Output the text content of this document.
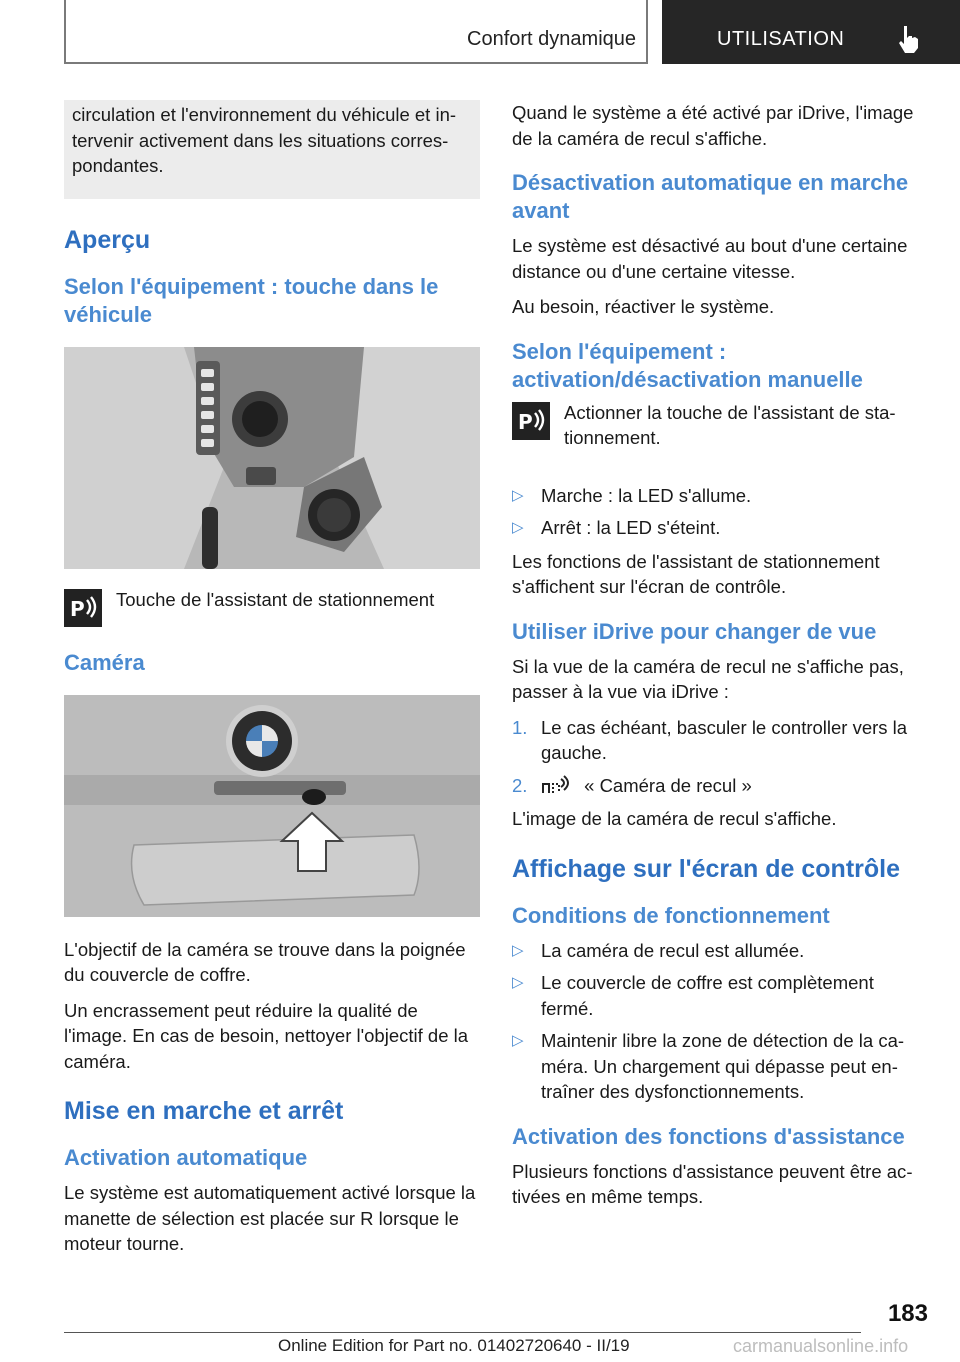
Confort dynamique	UTILISATION

circulation et l'environnement du véhicule et intervenir activement dans les situations correspondantes.

Aperçu
Selon l'équipement : touche dans le véhicule
P Touche de l'assistant de stationnement

Caméra

L'objectif de la caméra se trouve dans la poignée du couvercle de coffre.

Un encrassement peut réduire la qualité de l'image. En cas de besoin, nettoyer l'objectif de la caméra.

Mise en marche et arrêt
Activation automatique

Le système est automatiquement activé lorsque la manette de sélection est placée sur R lorsque le moteur tourne.

Quand le système a été activé par iDrive, l'image de la caméra de recul s'affiche.

Désactivation automatique en marche avant

Le système est désactivé au bout d'une certaine distance ou d'une certaine vitesse.

Au besoin, réactiver le système.

Selon l'équipement : activation/désactivation manuelle
P Actionner la touche de l'assistant de stationnement.

▷ Marche : la LED s'allume.
▷ Arrêt : la LED s'éteint.

Les fonctions de l'assistant de stationnement s'affichent sur l'écran de contrôle.

Utiliser iDrive pour changer de vue

Si la vue de la caméra de recul ne s'affiche pas, passer à la vue via iDrive :

1. Le cas échéant, basculer le controller vers la gauche.
2.	« Caméra de recul »

L'image de la caméra de recul s'affiche.

Affichage sur l'écran de contrôle
Conditions de fonctionnement
▷ La caméra de recul est allumée.
▷ Le couvercle de coffre est complètement fermé.
▷ Maintenir libre la zone de détection de la caméra. Un chargement qui dépasse peut entraîner des dysfonctionnements.
Activation des fonctions d'assistance

Plusieurs fonctions d'assistance peuvent être activées en même temps.

183
Online Edition for Part no. 01402720640 - II/19	carmanualsonline.info
